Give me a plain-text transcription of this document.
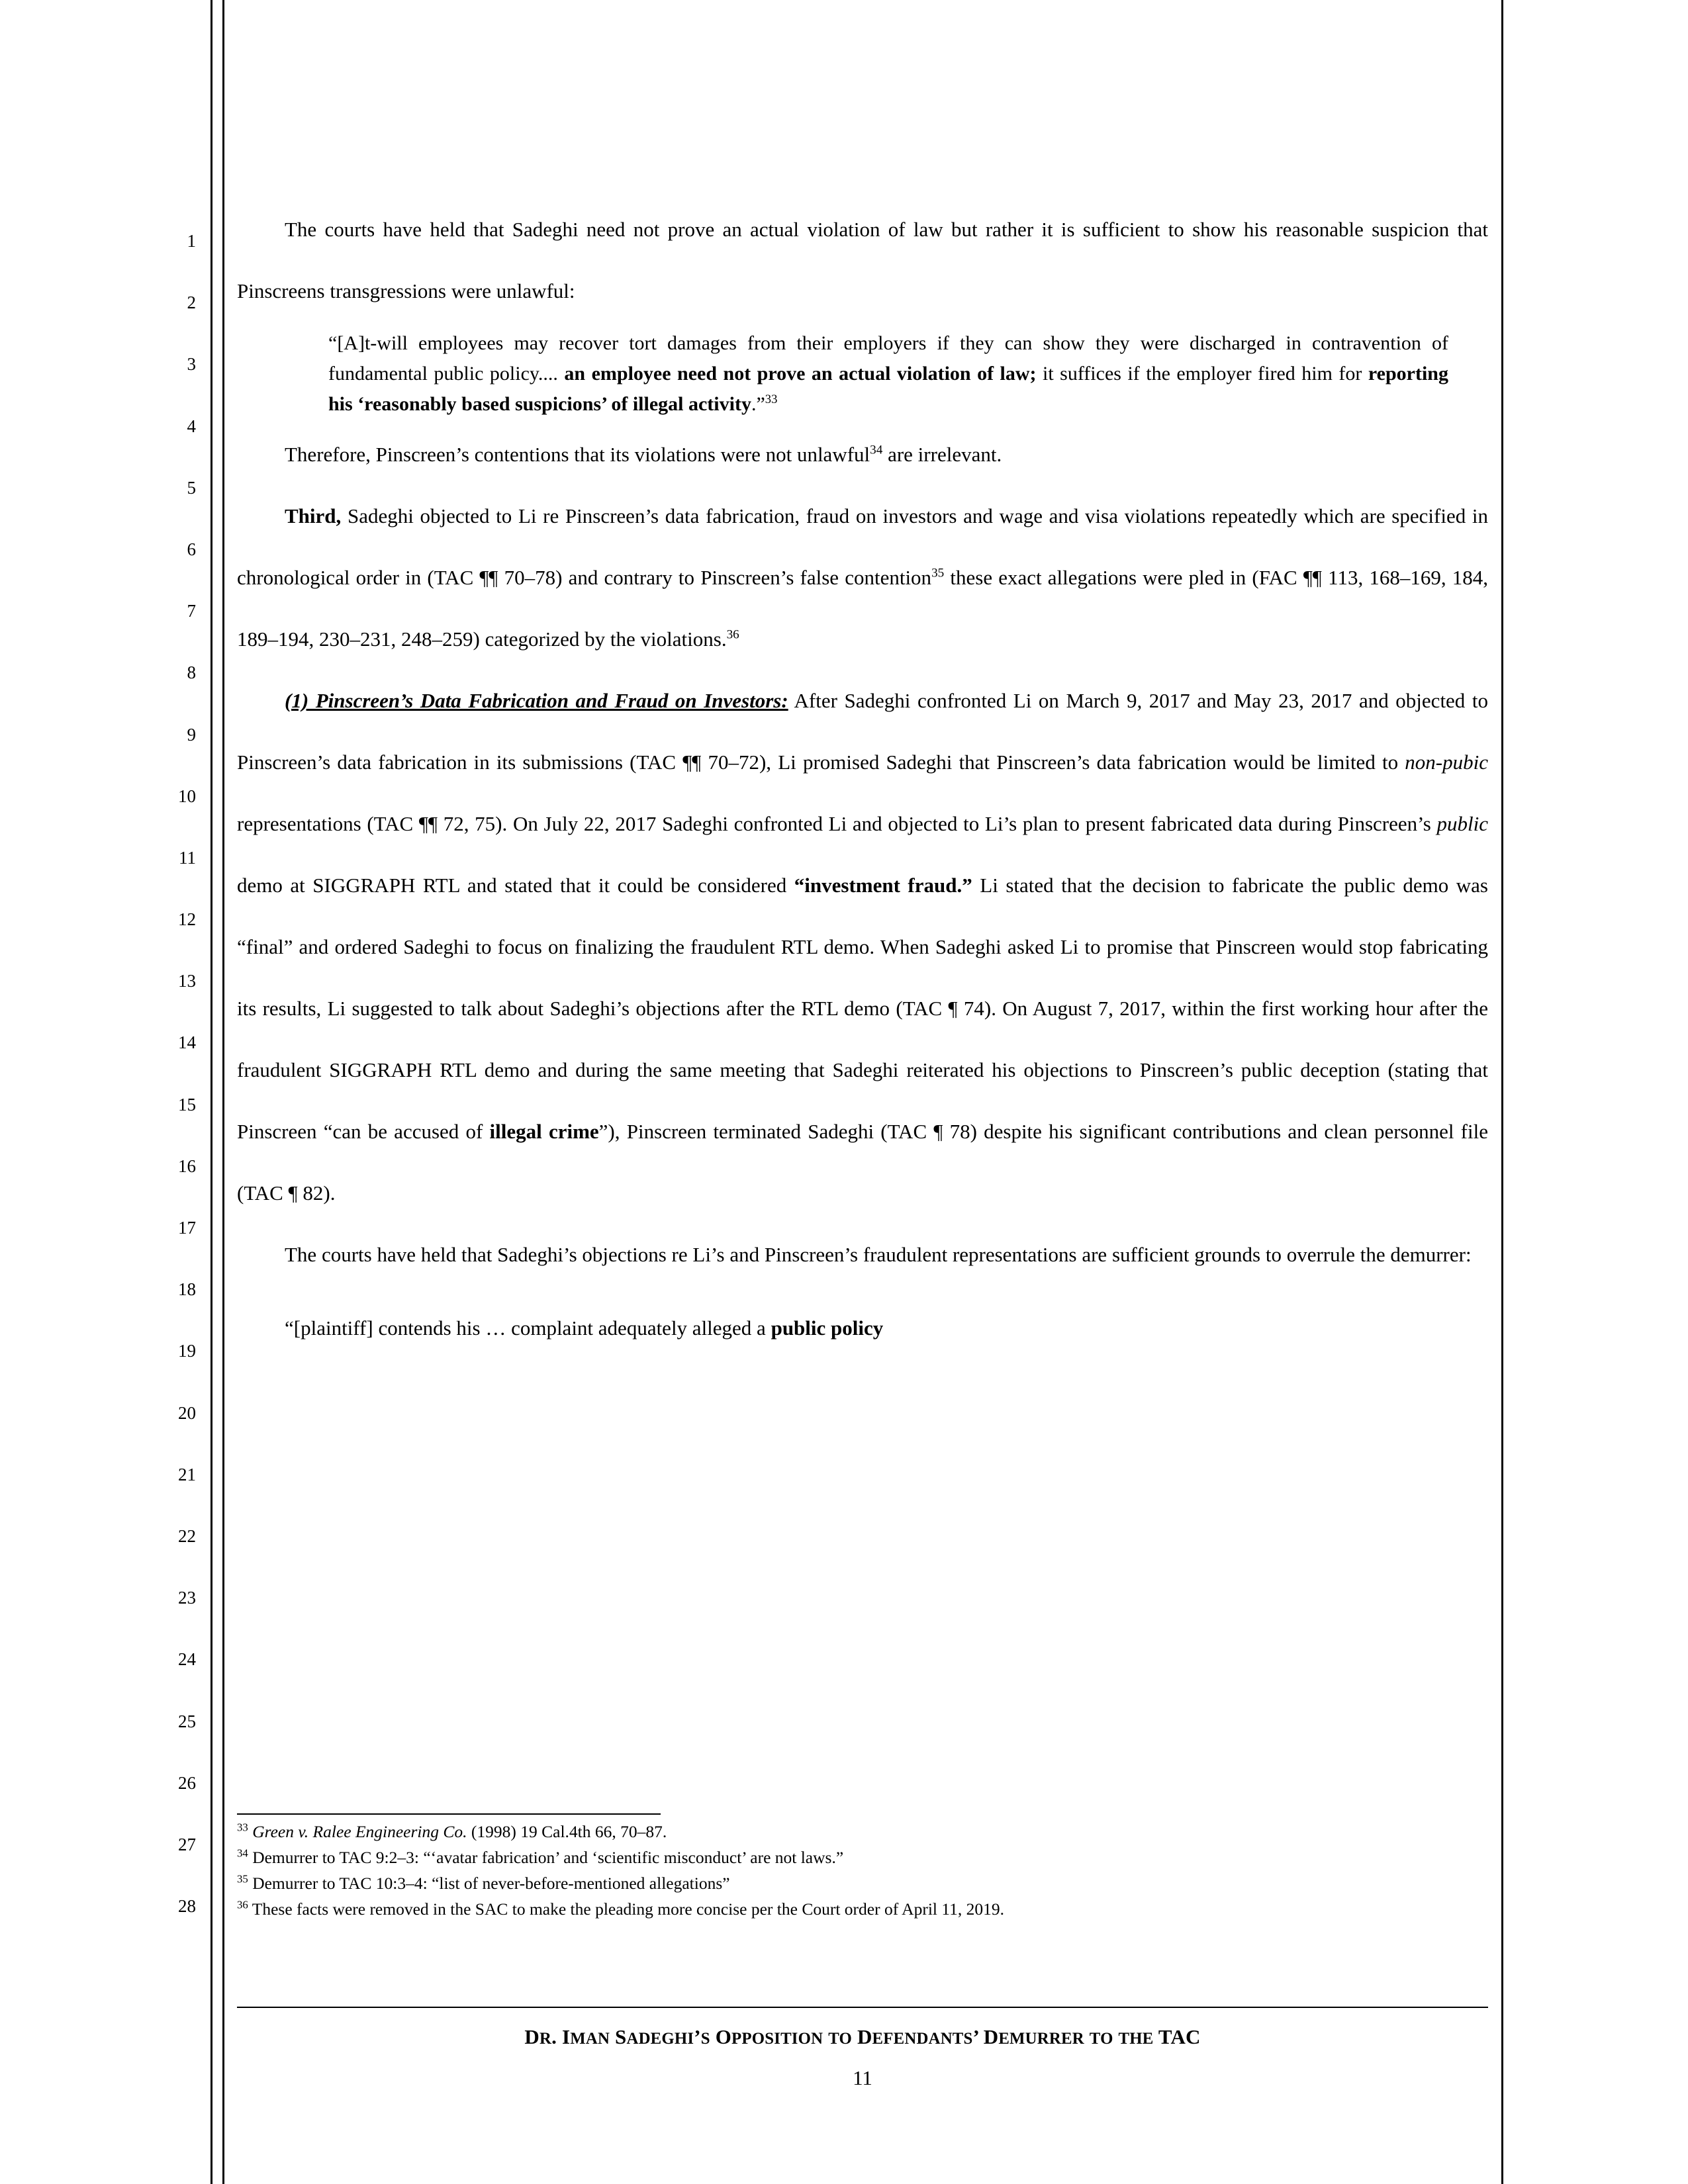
1
2
3
4
5
6
7
8
9
10
11
12
13
14
15
16
17
18
19
20
21
22
23
24
25
26
27
28

The courts have held that Sadeghi need not prove an actual violation of law but rather it is sufficient to show his reasonable suspicion that Pinscreens transgressions were unlawful:

“[A]t-will employees may recover tort damages from their employers if they can show they were discharged in contravention of fundamental public policy.... an employee need not prove an actual violation of law; it suffices if the employer fired him for reporting his ‘reasonably based suspicions’ of illegal activity.”$^{33}$

Therefore, Pinscreen’s contentions that its violations were not unlawful$^{34}$ are irrelevant.

Third, Sadeghi objected to Li re Pinscreen’s data fabrication, fraud on investors and wage and visa violations repeatedly which are specified in chronological order in (TAC ¶¶ 70–78) and contrary to Pinscreen’s false contention$^{35}$ these exact allegations were pled in (FAC ¶¶ 113, 168–169, 184, 189–194, 230–231, 248–259) categorized by the violations.$^{36}$

(1) Pinscreen’s Data Fabrication and Fraud on Investors: After Sadeghi confronted Li on March 9, 2017 and May 23, 2017 and objected to Pinscreen’s data fabrication in its submissions (TAC ¶¶ 70–72), Li promised Sadeghi that Pinscreen’s data fabrication would be limited to non-pubic representations (TAC ¶¶ 72, 75). On July 22, 2017 Sadeghi confronted Li and objected to Li’s plan to present fabricated data during Pinscreen’s public demo at SIGGRAPH RTL and stated that it could be considered “investment fraud.” Li stated that the decision to fabricate the public demo was “final” and ordered Sadeghi to focus on finalizing the fraudulent RTL demo. When Sadeghi asked Li to promise that Pinscreen would stop fabricating its results, Li suggested to talk about Sadeghi’s objections after the RTL demo (TAC ¶ 74). On August 7, 2017, within the first working hour after the fraudulent SIGGRAPH RTL demo and during the same meeting that Sadeghi reiterated his objections to Pinscreen’s public deception (stating that Pinscreen “can be accused of illegal crime”), Pinscreen terminated Sadeghi (TAC ¶ 78) despite his significant contributions and clean personnel file (TAC ¶ 82).

The courts have held that Sadeghi’s objections re Li’s and Pinscreen’s fraudulent representations are sufficient grounds to overrule the demurrer:

“[plaintiff] contends his … complaint adequately alleged a public policy

$^{33}$ Green v. Ralee Engineering Co. (1998) 19 Cal.4th 66, 70–87.

$^{34}$ Demurrer to TAC 9:2–3: “‘avatar fabrication’ and ‘scientific misconduct’ are not laws.”

$^{35}$ Demurrer to TAC 10:3–4: “list of never-before-mentioned allegations”

$^{36}$ These facts were removed in the SAC to make the pleading more concise per the Court order of April 11, 2019.

DR. IMAN SADEGHI’S OPPOSITION TO DEFENDANTS’ DEMURRER TO THE TAC
11
